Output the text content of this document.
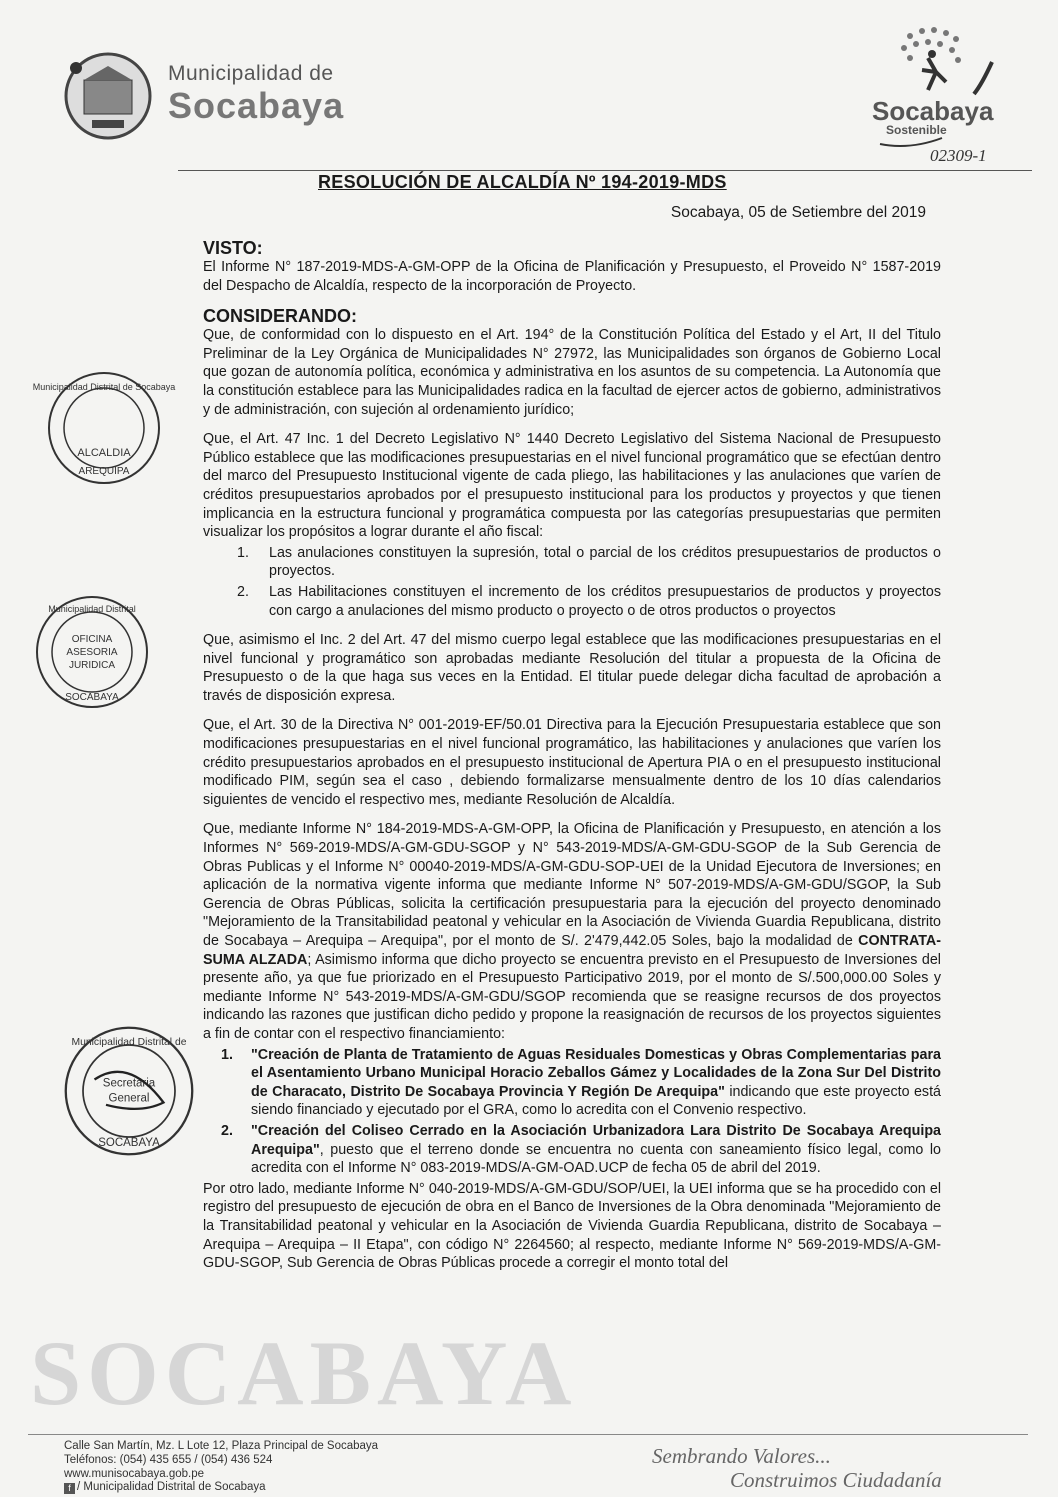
SOCABAYA
Municipalidad de
Socabaya	Socabaya
Sostenible
02309-1
RESOLUCIÓN DE ALCALDÍA Nº 194-2019-MDS
Socabaya, 05 de Setiembre del 2019
VISTO:

El Informe N° 187-2019-MDS-A-GM-OPP de la Oficina de Planificación y Presupuesto, el Proveido N° 1587-2019 del Despacho de Alcaldía, respecto de la incorporación de Proyecto.

CONSIDERANDO:

Que, de conformidad con lo dispuesto en el Art. 194° de la Constitución Política del Estado y el Art, II del Titulo Preliminar de la Ley Orgánica de Municipalidades N° 27972, las Municipalidades son órganos de Gobierno Local que gozan de autonomía política, económica y administrativa en los asuntos de su competencia. La Autonomía que la constitución establece para las Municipalidades radica en la facultad de ejercer actos de gobierno, administrativos y de administración, con sujeción al ordenamiento jurídico;

Que, el Art. 47 Inc. 1 del Decreto Legislativo N° 1440 Decreto Legislativo del Sistema Nacional de Presupuesto Público establece que las modificaciones presupuestarias en el nivel funcional programático que se efectúan dentro del marco del Presupuesto Institucional vigente de cada pliego, las habilitaciones y las anulaciones que varíen de créditos presupuestarios aprobados por el presupuesto institucional para los productos y proyectos y que tienen implicancia en la estructura funcional y programática compuesta por las categorías presupuestarias que permiten visualizar los propósitos a lograr durante el año fiscal:

1. Las anulaciones constituyen la supresión, total o parcial de los créditos presupuestarios de productos o proyectos.
2. Las Habilitaciones constituyen el incremento de los créditos presupuestarios de productos y proyectos con cargo a anulaciones del mismo producto o proyecto o de otros productos o proyectos

Que, asimismo el Inc. 2 del Art. 47 del mismo cuerpo legal establece que las modificaciones presupuestarias en el nivel funcional y programático son aprobadas mediante Resolución del titular a propuesta de la Oficina de Presupuesto o de la que haga sus veces en la Entidad. El titular puede delegar dicha facultad de aprobación a través de disposición expresa.

Que, el Art. 30 de la Directiva N° 001-2019-EF/50.01 Directiva para la Ejecución Presupuestaria establece que son modificaciones presupuestarias en el nivel funcional programático, las habilitaciones y anulaciones que varíen los crédito presupuestarios aprobados en el presupuesto institucional de Apertura PIA o en el presupuesto institucional modificado PIM, según sea el caso , debiendo formalizarse mensualmente dentro de los 10 días calendarios siguientes de vencido el respectivo mes, mediante Resolución de Alcaldía.

Que, mediante Informe N° 184-2019-MDS-A-GM-OPP, la Oficina de Planificación y Presupuesto, en atención a los Informes N° 569-2019-MDS/A-GM-GDU-SGOP y N° 543-2019-MDS/A-GM-GDU-SGOP de la Sub Gerencia de Obras Publicas y el Informe N° 00040-2019-MDS/A-GM-GDU-SOP-UEI de la Unidad Ejecutora de Inversiones; en aplicación de la normativa vigente informa que mediante Informe N° 507-2019-MDS/A-GM-GDU/SGOP, la Sub Gerencia de Obras Públicas, solicita la certificación presupuestaria para la ejecución del proyecto denominado "Mejoramiento de la Transitabilidad peatonal y vehicular en la Asociación de Vivienda Guardia Republicana, distrito de Socabaya – Arequipa – Arequipa", por el monto de S/. 2'479,442.05 Soles, bajo la modalidad de CONTRATA-SUMA ALZADA; Asimismo informa que dicho proyecto se encuentra previsto en el Presupuesto de Inversiones del presente año, ya que fue priorizado en el Presupuesto Participativo 2019, por el monto de S/.500,000.00 Soles y mediante Informe N° 543-2019-MDS/A-GM-GDU/SGOP recomienda que se reasigne recursos de dos proyectos indicando las razones que justifican dicho pedido y propone la reasignación de recursos de los proyectos siguientes a fin de contar con el respectivo financiamiento:

1. "Creación de Planta de Tratamiento de Aguas Residuales Domesticas y Obras Complementarias para el Asentamiento Urbano Municipal Horacio Zeballos Gámez y Localidades de la Zona Sur Del Distrito de Characato, Distrito De Socabaya Provincia Y Región De Arequipa" indicando que este proyecto está siendo financiado y ejecutado por el GRA, como lo acredita con el Convenio respectivo.
2. "Creación del Coliseo Cerrado en la Asociación Urbanizadora Lara Distrito De Socabaya Arequipa Arequipa", puesto que el terreno donde se encuentra no cuenta con saneamiento físico legal, como lo acredita con el Informe N° 083-2019-MDS/A-GM-OAD.UCP de fecha 05 de abril del 2019.

Por otro lado, mediante Informe N° 040-2019-MDS/A-GM-GDU/SOP/UEI, la UEI informa que se ha procedido con el registro del presupuesto de ejecución de obra en el Banco de Inversiones de la Obra denominada "Mejoramiento de la Transitabilidad peatonal y vehicular en la Asociación de Vivienda Guardia Republicana, distrito de Socabaya – Arequipa – Arequipa – II Etapa", con código N° 2264560; al respecto, mediante Informe N° 569-2019-MDS/A-GM-GDU-SGOP, Sub Gerencia de Obras Públicas procede a corregir el monto total del

Municipalidad Distrital de Socabaya
ALCALDIA
AREQUIPA
Municipalidad Distrital
OFICINA
ASESORIA
JURIDICA
SOCABAYA
Municipalidad Distrital de
Secretaria
General
SOCABAYA
Calle San Martín, Mz. L Lote 12, Plaza Principal de Socabaya
Teléfonos: (054) 435 655 / (054) 436 524
www.munisocabaya.gob.pe
Sembrando Valores...
Construimos Ciudadanía
f / Municipalidad Distrital de Socabaya
